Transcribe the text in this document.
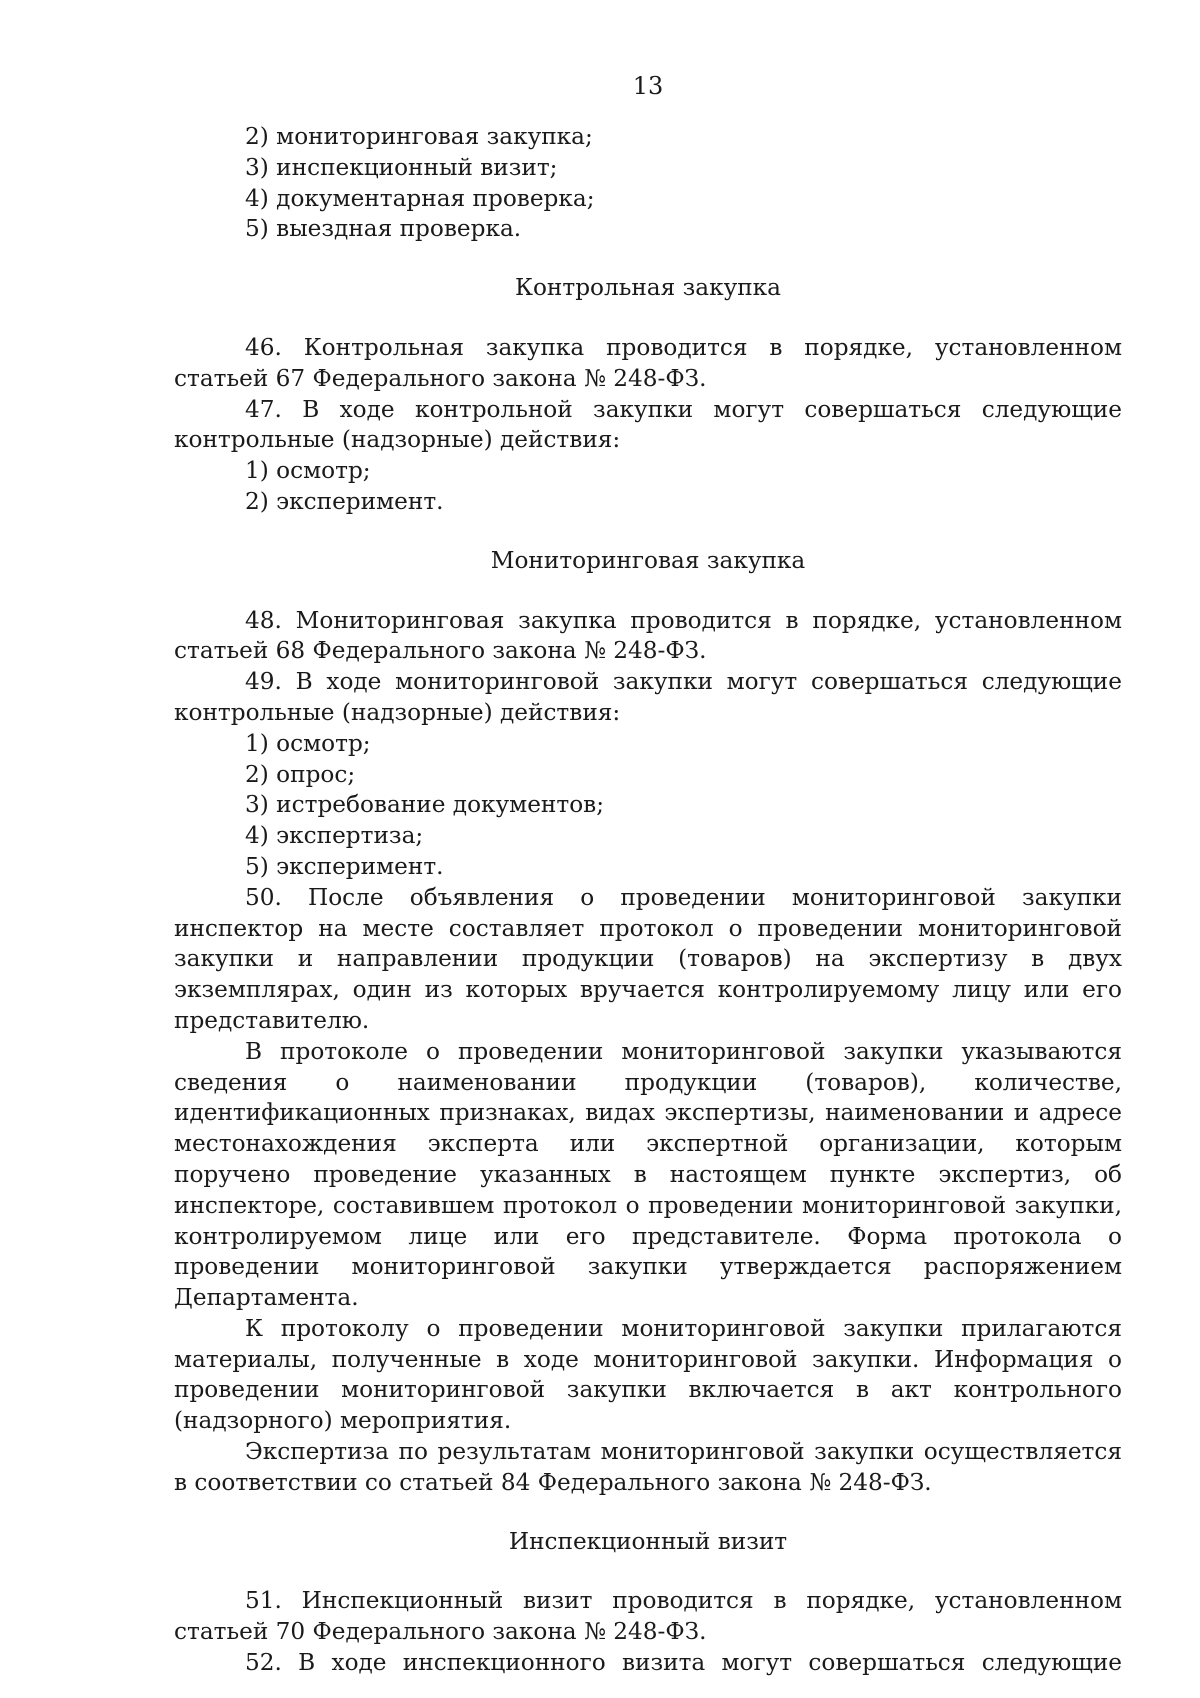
13

2) мониторинговая закупка;

3) инспекционный визит;

4) документарная проверка;

5) выездная проверка.

Контрольная закупка

46. Контрольная закупка проводится в порядке, установленном статьей 67 Федерального закона № 248-ФЗ.

47. В ходе контрольной закупки могут совершаться следующие контрольные (надзорные) действия:

1) осмотр;

2) эксперимент.

Мониторинговая закупка

48. Мониторинговая закупка проводится в порядке, установленном статьей 68 Федерального закона № 248-ФЗ.

49. В ходе мониторинговой закупки могут совершаться следующие контрольные (надзорные) действия:

1) осмотр;

2) опрос;

3) истребование документов;

4) экспертиза;

5) эксперимент.

50. После объявления о проведении мониторинговой закупки инспектор на месте составляет протокол о проведении мониторинговой закупки и направлении продукции (товаров) на экспертизу в двух экземплярах, один из которых вручается контролируемому лицу или его представителю.

В протоколе о проведении мониторинговой закупки указываются сведения о наименовании продукции (товаров), количестве, идентификационных признаках, видах экспертизы, наименовании и адресе местонахождения эксперта или экспертной организации, которым поручено проведение указанных в настоящем пункте экспертиз, об инспекторе, составившем протокол о проведении мониторинговой закупки, контролируемом лице или его представителе. Форма протокола о проведении мониторинговой закупки утверждается распоряжением Департамента.

К протоколу о проведении мониторинговой закупки прилагаются материалы, полученные в ходе мониторинговой закупки. Информация о проведении мониторинговой закупки включается в акт контрольного (надзорного) мероприятия.

Экспертиза по результатам мониторинговой закупки осуществляется в соответствии со статьей 84 Федерального закона № 248-ФЗ.

Инспекционный визит

51. Инспекционный визит проводится в порядке, установленном статьей 70 Федерального закона № 248-ФЗ.

52. В ходе инспекционного визита могут совершаться следующие
